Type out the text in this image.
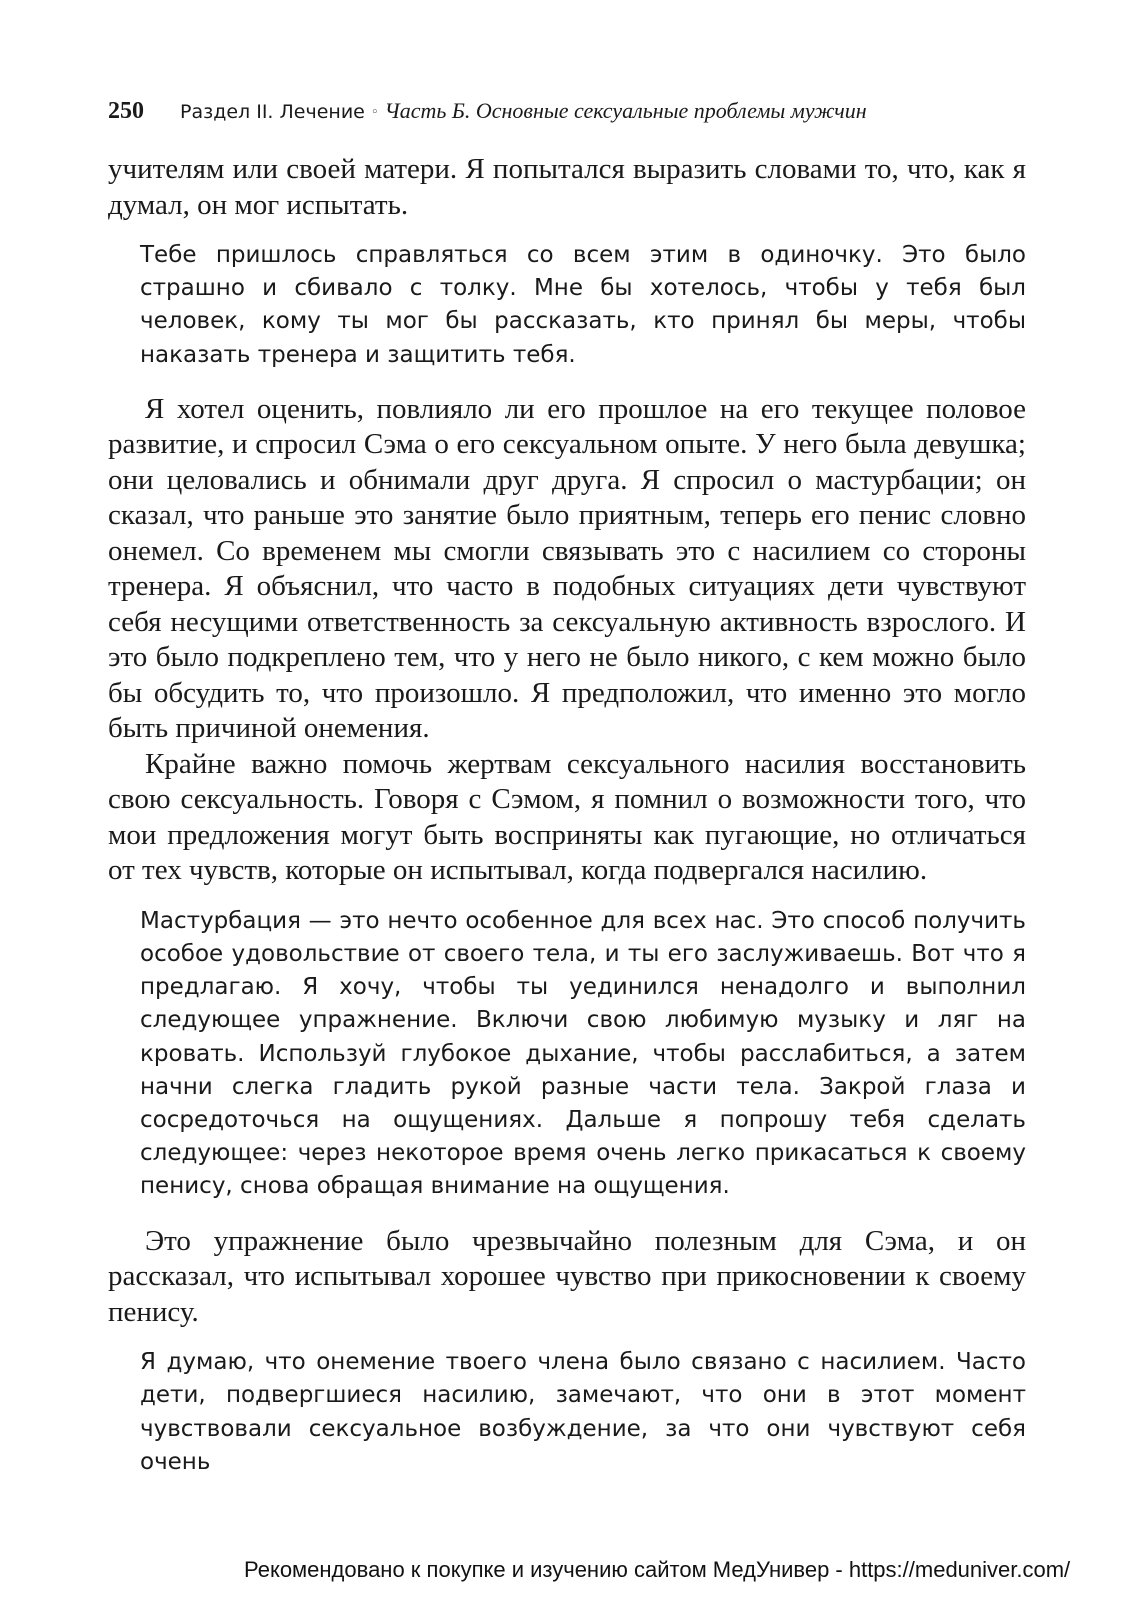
250 Раздел II. Лечение ◦ Часть Б. Основные сексуальные проблемы мужчин

учителям или своей матери. Я попытался выразить словами то, что, как я думал, он мог испытать.

Тебе пришлось справляться со всем этим в одиночку. Это было страшно и сбивало с толку. Мне бы хотелось, чтобы у тебя был человек, кому ты мог бы рассказать, кто принял бы меры, чтобы наказать тренера и защитить тебя.

Я хотел оценить, повлияло ли его прошлое на его текущее половое развитие, и спросил Сэма о его сексуальном опыте. У него была девушка; они целовались и обнимали друг друга. Я спросил о мастурбации; он сказал, что раньше это занятие было приятным, теперь его пенис словно онемел. Со временем мы смогли связывать это с насилием со стороны тренера. Я объяснил, что часто в подобных ситуациях дети чувствуют себя несущими ответственность за сексуальную активность взрослого. И это было подкреплено тем, что у него не было никого, с кем можно было бы обсудить то, что произошло. Я предположил, что именно это могло быть причиной онемения.

Крайне важно помочь жертвам сексуального насилия восстановить свою сексуальность. Говоря с Сэмом, я помнил о возможности того, что мои предложения могут быть восприняты как пугающие, но отличаться от тех чувств, которые он испытывал, когда подвергался насилию.

Мастурбация — это нечто особенное для всех нас. Это способ получить особое удовольствие от своего тела, и ты его заслуживаешь. Вот что я предлагаю. Я хочу, чтобы ты уединился ненадолго и выполнил следующее упражнение. Включи свою любимую музыку и ляг на кровать. Используй глубокое дыхание, чтобы расслабиться, а затем начни слегка гладить рукой разные части тела. Закрой глаза и сосредоточься на ощущениях. Дальше я попрошу тебя сделать следующее: через некоторое время очень легко прикасаться к своему пенису, снова обращая внимание на ощущения.

Это упражнение было чрезвычайно полезным для Сэма, и он рассказал, что испытывал хорошее чувство при прикосновении к своему пенису.

Я думаю, что онемение твоего члена было связано с насилием. Часто дети, подвергшиеся насилию, замечают, что они в этот момент чувствовали сексуальное возбуждение, за что они чувствуют себя очень

Рекомендовано к покупке и изучению сайтом МедУнивер - https://meduniver.com/
